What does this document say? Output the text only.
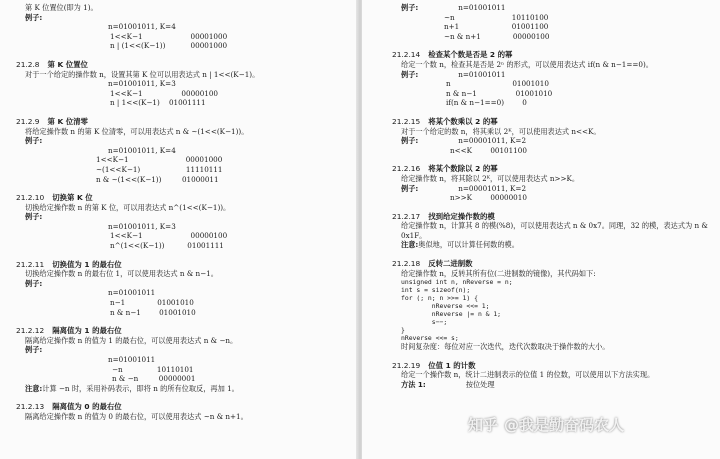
第 K 位置位(即为 1)。
例子:
n=01001011, K=4
1<<K−1                     00001000
n | (1<<(K−1))           00001000
21.2.8 第 K 位置位
对于一个给定的操作数 n，设置其第 K 位可以用表达式 n | 1<<(K−1)。
n=01001011, K=3
1<<K−1                 00000100
n | 1<<(K−1)    01001111
21.2.9 第 K 位清零
将给定操作数 n 的第 K 位清零，可以用表达式 n & ~(1<<(K−1))。
例子:
n=01001011, K=4
1<<K−1                         00001000
~(1<<K−1)                    11110111
n & ~(1<<(K−1))         01000011
21.2.10 切换第 K 位
切换给定操作数 n 的第 K 位，可以用表达式 n^(1<<(K−1))。
例子:
n=01001011, K=3
1<<K−1                     00000100
n^(1<<(K−1))          01001111
21.2.11 切换值为 1 的最右位
切换给定操作数 n 的最右位 1，可以使用表达式 n & n−1。
例子:
n=01001011
n−1              01001010
n & n−1        01001010
21.2.12 隔离值为 1 的最右位
隔离给定操作数 n 的值为 1 的最右位，可以使用表达式 n & −n。
例子:
n=01001011
−n               10110101
n & −n         00000001
注意:计算 −n 时，采用补码表示，即将 n 的所有位取反，再加 1。
21.2.13 隔离值为 0 的最右位
隔离给定操作数 n 的值为 0 的最右位，可以使用表达式 ~n & n+1。
例子:	n=01001011
~n                         10110100
n+1                       01001100
~n & n+1              00000100
21.2.14 检查某个数是否是 2 的幂
给定一个数 n，检查其是否是 2ⁿ 的形式，可以使用表达式 if(n & n−1==0)。
例子:	n=01001011
n                           01001010
n & n−1                 01001010
if(n & n−1==0)        0
21.2.15 将某个数乘以 2 的幂
对于一个给定的数 n，将其乘以 2ᴷ，可以使用表达式 n<<K。
例子:	n=00001011, K=2
n<<K        00101100
21.2.16 将某个数除以 2 的幂
给定操作数 n，将其除以 2ᴷ，可以使用表达式 n>>K。
例子:	n=00001011, K=2
n>>K        00000010
21.2.17 找到给定操作数的模
给定操作数 n，计算其 8 的模(%8)，可以使用表达式 n & 0x7。同理，32 的模，表达式为 n & 0x1F。
注意:奥似地，可以计算任何数的模。
21.2.18 反转二进制数
给定操作数 n，反转其所有位(二进制数的镜像)，其代码如下:
unsigned int n, nReverse = n;
int s = sizeof(n);
for (; n; n >>= 1) {
nReverse <<= 1;
nReverse |= n & 1;
s−−;
}
nReverse <<= s;
时间复杂度：每位对应一次迭代，迭代次数取决于操作数的大小。
21.2.19 位值 1 的计数
给定一个操作数 n，统计二进制表示的位值 1 的位数，可以使用以下方法实现。
方法 1:	按位处理
知乎 @我是勤奋码农人
